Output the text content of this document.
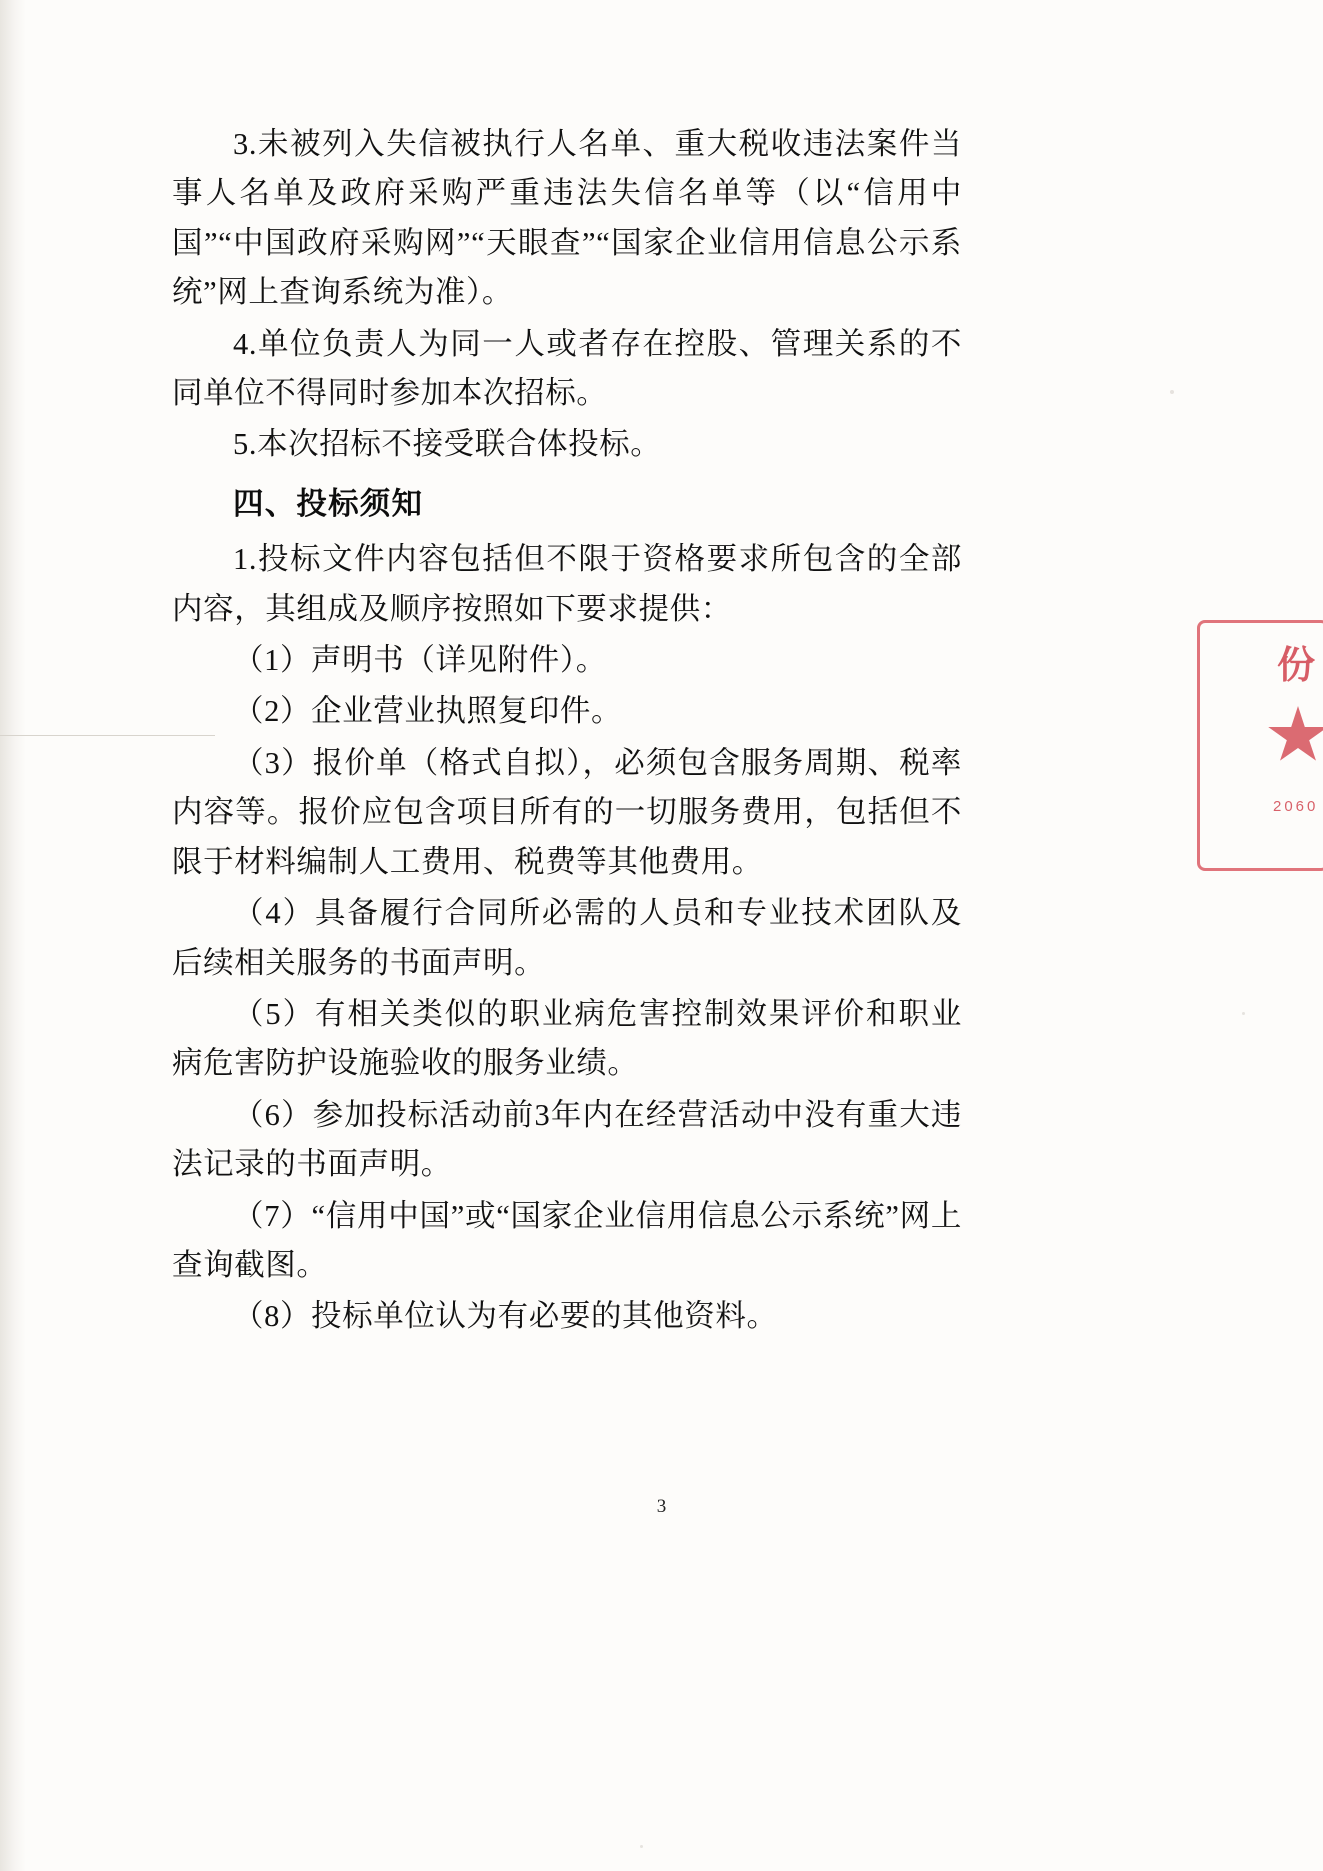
3.未被列入失信被执行人名单、重大税收违法案件当事人名单及政府采购严重违法失信名单等（以“信用中国”“中国政府采购网”“天眼查”“国家企业信用信息公示系统”网上查询系统为准）。

4.单位负责人为同一人或者存在控股、管理关系的不同单位不得同时参加本次招标。

5.本次招标不接受联合体投标。

四、投标须知

1.投标文件内容包括但不限于资格要求所包含的全部内容，其组成及顺序按照如下要求提供：

（1）声明书（详见附件）。

（2）企业营业执照复印件。

（3）报价单（格式自拟），必须包含服务周期、税率内容等。报价应包含项目所有的一切服务费用，包括但不限于材料编制人工费用、税费等其他费用。

（4）具备履行合同所必需的人员和专业技术团队及后续相关服务的书面声明。

（5）有相关类似的职业病危害控制效果评价和职业病危害防护设施验收的服务业绩。

（6）参加投标活动前3年内在经营活动中没有重大违法记录的书面声明。

（7）“信用中国”或“国家企业信用信息公示系统”网上查询截图。

（8）投标单位认为有必要的其他资料。

份
2060
3
